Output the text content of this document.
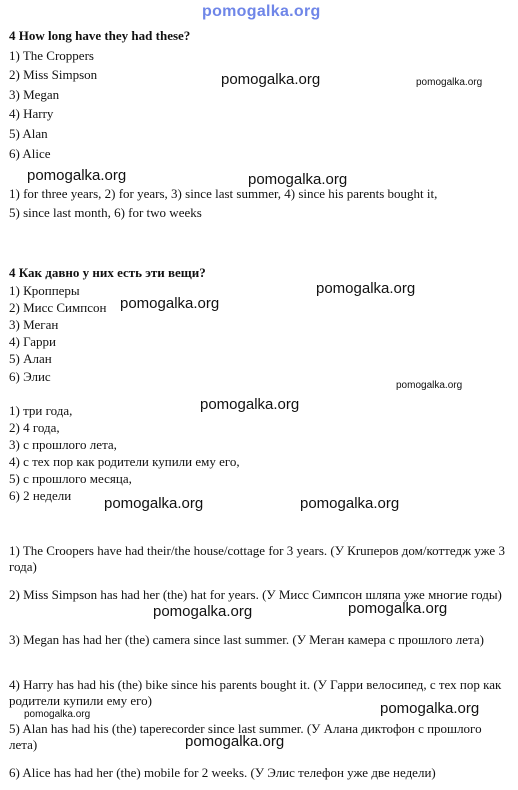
4 How long have they had these?
1) The Croppers
2) Miss Simpson
3) Megan
4) Harry
5) Alan
6) Alice
1) for three years, 2) for years, 3) since last summer, 4) since his parents bought it,
5) since last month, 6) for two weeks
4 Как давно у них есть эти вещи?
1) Кропперы
2) Мисс Симпсон
3) Меган
4) Гарри
5) Алан
6) Элис
1) три года,
2) 4 года,
3) с прошлого лета,
4) с тех пор как родители купили ему его,
5) с прошлого месяца,
6) 2 недели
1) The Croopers have had their/the house/cottage for 3 years. (У Кruперов дом/коттедж уже 3 года)
2) Miss Simpson has had her (the) hat for years. (У Мисс Симпсон шляпа уже многие годы)
3) Megan has had her (the) camera since last summer. (У Меган камера с прошлого лета)
4) Harry has had his (the) bike since his parents bought it. (У Гарри велосипед, с тех пор как родители купили ему его)
5) Alan has had his (the) taperecorder since last summer. (У Алана диктофон с прошлого лета)
6) Alice has had her (the) mobile for 2 weeks. (У Элис телефон уже две недели)
pomogalka.org
pomogalka.org	pomogalka.org
pomogalka.org	pomogalka.org
pomogalka.org
pomogalka.org
pomogalka.org
pomogalka.org
pomogalka.org	pomogalka.org
pomogalka.org	pomogalka.org
pomogalka.org
pomogalka.org
pomogalka.org
